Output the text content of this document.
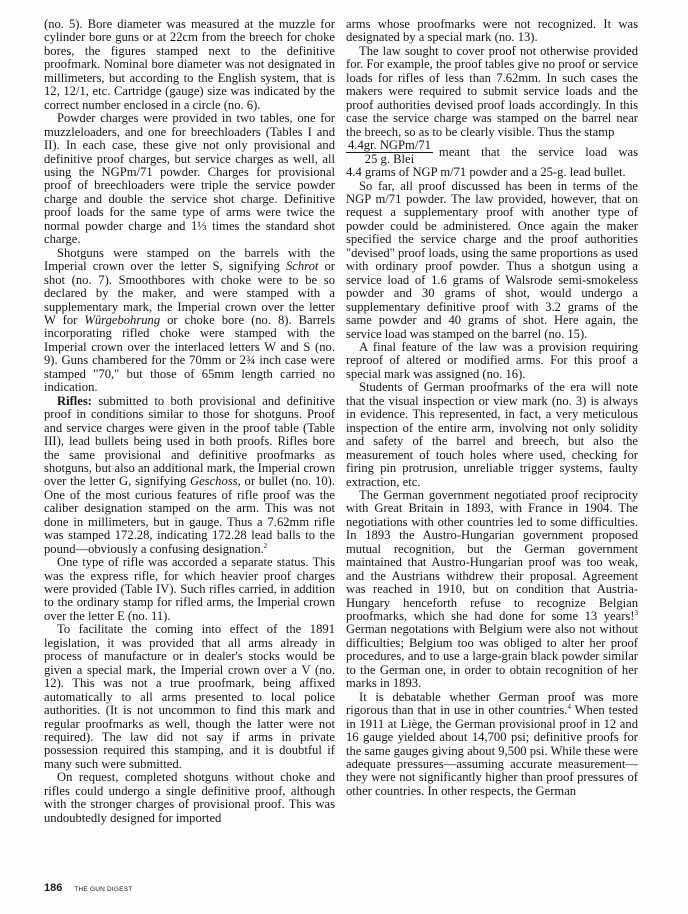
(no. 5). Bore diameter was measured at the muzzle for cylinder bore guns or at 22cm from the breech for choke bores, the figures stamped next to the definitive proofmark. Nominal bore diameter was not designated in millimeters, but according to the English system, that is 12, 12/1, etc. Cartridge (gauge) size was indicated by the correct number enclosed in a circle (no. 6).

Powder charges were provided in two tables, one for muzzleloaders, and one for breechloaders (Tables I and II). In each case, these give not only provisional and definitive proof charges, but service charges as well, all using the NGPm/71 powder. Charges for provisional proof of breechloaders were triple the service powder charge and double the service shot charge. Definitive proof loads for the same type of arms were twice the normal powder charge and 1⅓ times the standard shot charge.

Shotguns were stamped on the barrels with the Imperial crown over the letter S, signifying Schrot or shot (no. 7). Smoothbores with choke were to be so declared by the maker, and were stamped with a supplementary mark, the Imperial crown over the letter W for Würgebohrung or choke bore (no. 8). Barrels incorporating rifled choke were stamped with the Imperial crown over the interlaced letters W and S (no. 9). Guns chambered for the 70mm or 2¾ inch case were stamped "70," but those of 65mm length carried no indication.

Rifles: submitted to both provisional and definitive proof in conditions similar to those for shotguns. Proof and service charges were given in the proof table (Table III), lead bullets being used in both proofs. Rifles bore the same provisional and definitive proofmarks as shotguns, but also an additional mark, the Imperial crown over the letter G, signifying Geschoss, or bullet (no. 10). One of the most curious features of rifle proof was the caliber designation stamped on the arm. This was not done in millimeters, but in gauge. Thus a 7.62mm rifle was stamped 172.28, indicating 172.28 lead balls to the pound—obviously a confusing designation.$^2$

One type of rifle was accorded a separate status. This was the express rifle, for which heavier proof charges were provided (Table IV). Such rifles carried, in addition to the ordinary stamp for rifled arms, the Imperial crown over the letter E (no. 11).

To facilitate the coming into effect of the 1891 legislation, it was provided that all arms already in process of manufacture or in dealer's stocks would be given a special mark, the Imperial crown over a V (no. 12). This was not a true proofmark, being affixed automatically to all arms presented to local police authorities. (It is not uncommon to find this mark and regular proofmarks as well, though the latter were not required). The law did not say if arms in private possession required this stamping, and it is doubtful if many such were submitted.

On request, completed shotguns without choke and rifles could undergo a single definitive proof, although with the stronger charges of provisional proof. This was undoubtedly designed for imported

arms whose proofmarks were not recognized. It was designated by a special mark (no. 13).

The law sought to cover proof not otherwise provided for. For example, the proof tables give no proof or service loads for rifles of less than 7.62mm. In such cases the makers were required to submit service loads and the proof authorities devised proof loads accordingly. In this case the service charge was stamped on the barrel near the breech, so as to be clearly visible. Thus the stamp

$\frac{\text{4.4gr. NGPm/71}}{\text{25 g. Blei}}$ meant that the service load was

4.4 grams of NGP m/71 powder and a 25-g. lead bullet.

So far, all proof discussed has been in terms of the NGP m/71 powder. The law provided, however, that on request a supplementary proof with another type of powder could be administered. Once again the maker specified the service charge and the proof authorities "devised" proof loads, using the same proportions as used with ordinary proof powder. Thus a shotgun using a service load of 1.6 grams of Walsrode semi-smokeless powder and 30 grams of shot, would undergo a supplementary definitive proof with 3.2 grams of the same powder and 40 grams of shot. Here again, the service load was stamped on the barrel (no. 15).

A final feature of the law was a provision requiring reproof of altered or modified arms. For this proof a special mark was assigned (no. 16).

Students of German proofmarks of the era will note that the visual inspection or view mark (no. 3) is always in evidence. This represented, in fact, a very meticulous inspection of the entire arm, involving not only solidity and safety of the barrel and breech, but also the measurement of touch holes where used, checking for firing pin protrusion, unreliable trigger systems, faulty extraction, etc.

The German government negotiated proof reciprocity with Great Britain in 1893, with France in 1904. The negotiations with other countries led to some difficulties. In 1893 the Austro-Hungarian government proposed mutual recognition, but the German government maintained that Austro-Hungarian proof was too weak, and the Austrians withdrew their proposal. Agreement was reached in 1910, but on condition that Austria-Hungary henceforth refuse to recognize Belgian proofmarks, which she had done for some 13 years!$^3$ German negotations with Belgium were also not without difficulties; Belgium too was obliged to alter her proof procedures, and to use a large-grain black powder similar to the German one, in order to obtain recognition of her marks in 1893.

It is debatable whether German proof was more rigorous than that in use in other countries.$^4$ When tested in 1911 at Liège, the German provisional proof in 12 and 16 gauge yielded about 14,700 psi; definitive proofs for the same gauges giving about 9,500 psi. While these were adequate pressures—assuming accurate measurement—they were not significantly higher than proof pressures of other countries. In other respects, the German

186 THE GUN DIGEST
